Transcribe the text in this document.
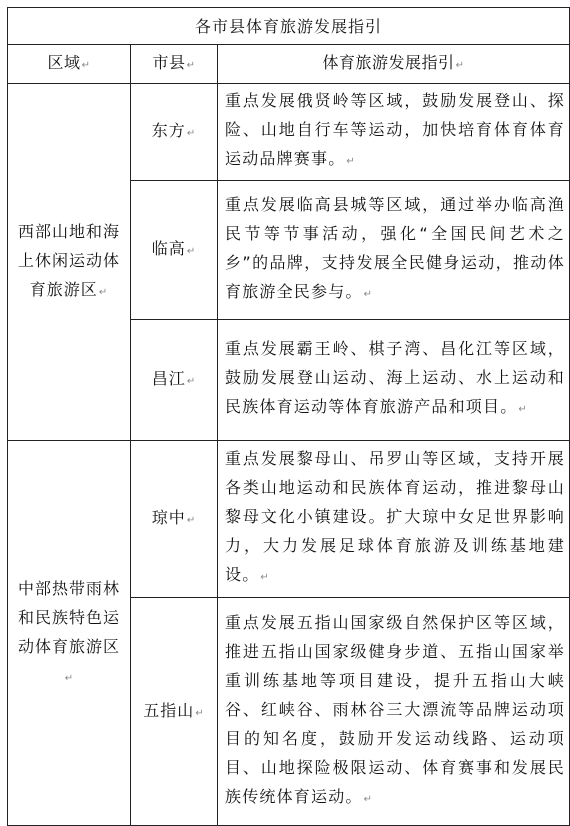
各市县体育旅游发展指引		
区域↵	市县↵	体育旅游发展指引↵
西部山地和海上休闲运动体育旅游区↵	东方↵	重点发展俄贤岭等区域，鼓励发展登山、探险、山地自行车等运动，加快培育体育体育运动品牌赛事。↵
	临高↵	重点发展临高县城等区域，通过举办临高渔民节等节事活动，强化“全国民间艺术之乡”的品牌，支持发展全民健身运动，推动体育旅游全民参与。↵
	昌江↵	重点发展霸王岭、棋子湾、昌化江等区域，鼓励发展登山运动、海上运动、水上运动和民族体育运动等体育旅游产品和项目。↵
中部热带雨林和民族特色运动体育旅游区↵	琼中↵	重点发展黎母山、吊罗山等区域，支持开展各类山地运动和民族体育运动，推进黎母山黎母文化小镇建设。扩大琼中女足世界影响力，大力发展足球体育旅游及训练基地建设。↵
	五指山↵	重点发展五指山国家级自然保护区等区域，推进五指山国家级健身步道、五指山国家举重训练基地等项目建设，提升五指山大峡谷、红峡谷、雨林谷三大漂流等品牌运动项目的知名度，鼓励开发运动线路、运动项目、山地探险极限运动、体育赛事和发展民族传统体育运动。↵
